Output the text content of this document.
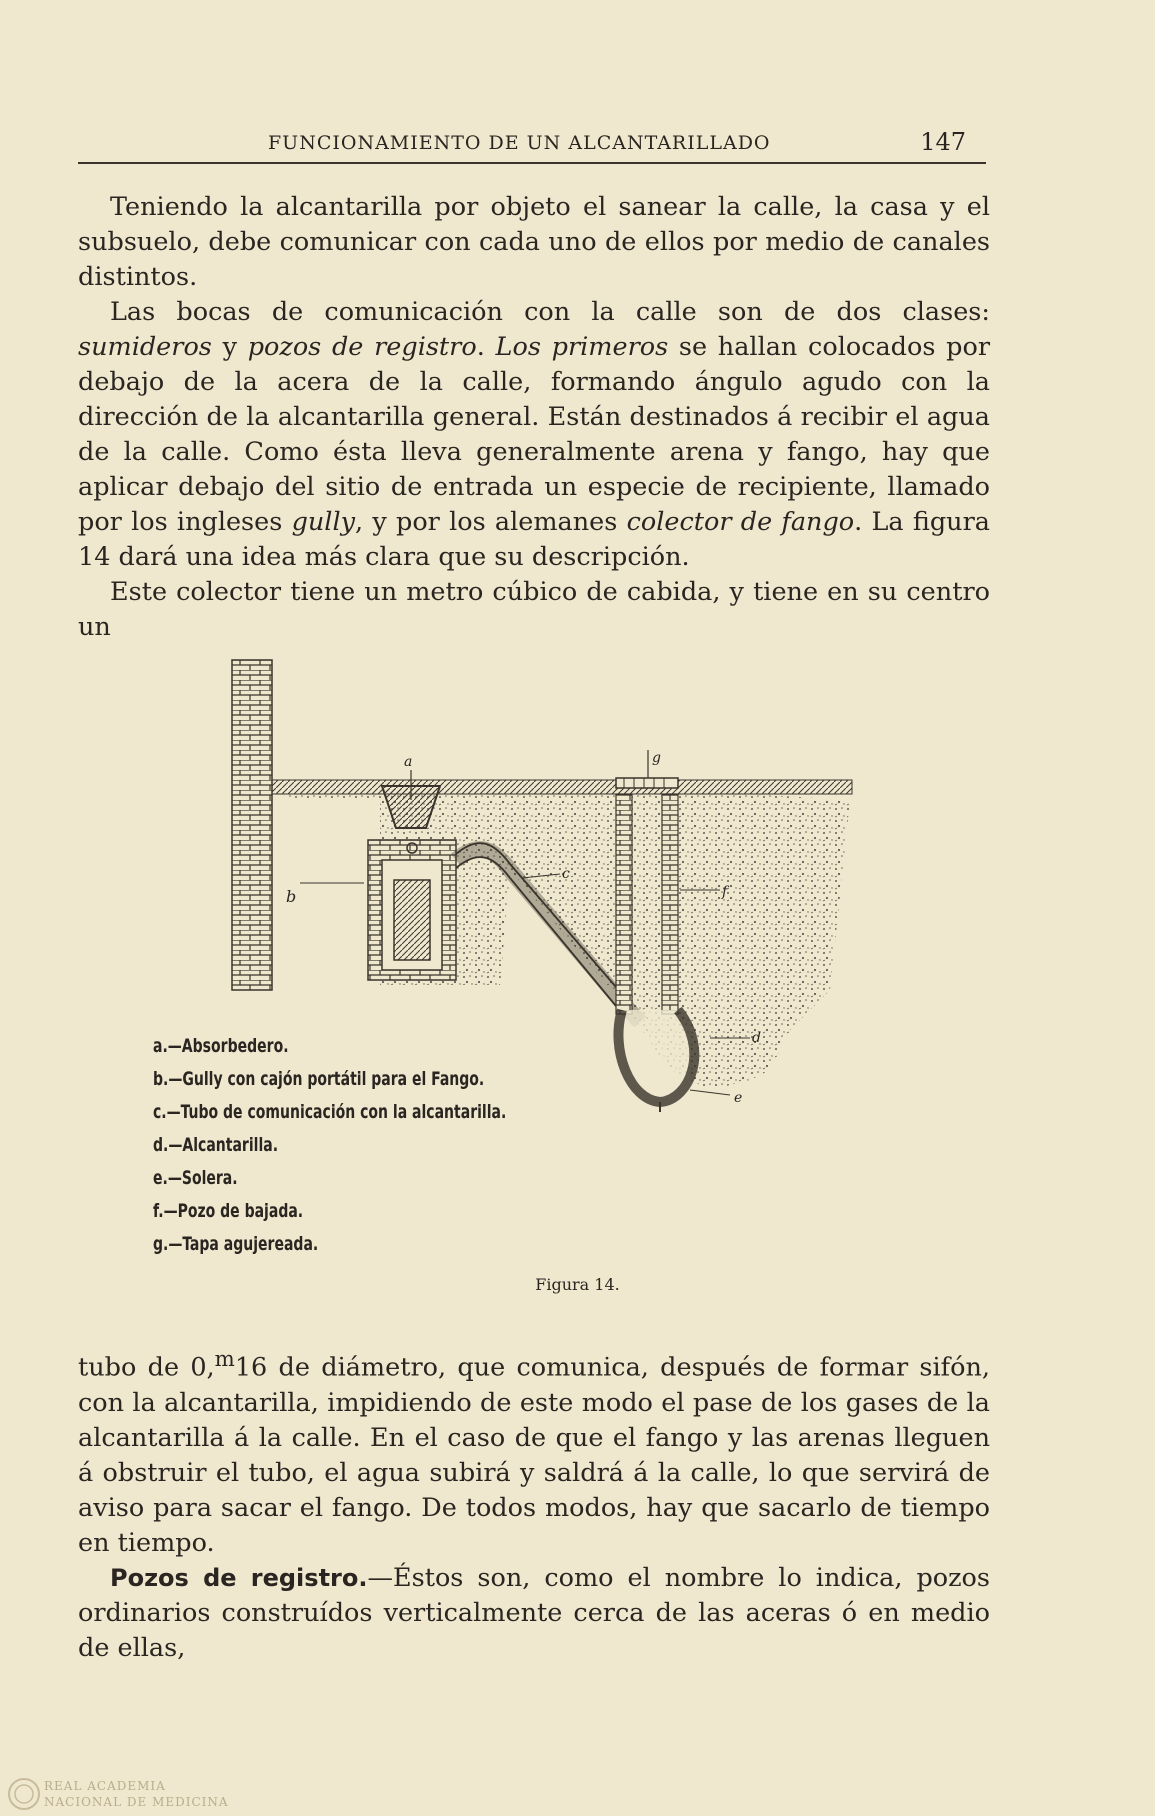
FUNCIONAMIENTO DE UN ALCANTARILLADO	147

Teniendo la alcantarilla por objeto el sanear la calle, la casa y el subsuelo, debe comunicar con cada uno de ellos por medio de canales distintos.

Las bocas de comunicación con la calle son de dos clases: sumideros y pozos de registro. Los primeros se hallan colocados por debajo de la acera de la calle, formando ángulo agudo con la dirección de la alcantarilla general. Están destinados á recibir el agua de la calle. Como ésta lleva generalmente arena y fango, hay que aplicar debajo del sitio de entrada un especie de recipiente, llamado por los ingleses gully, y por los alemanes colector de fango. La figura 14 dará una idea más clara que su descripción.

Este colector tiene un metro cúbico de cabida, y tiene en su centro un

a
b
c
g
f
d
e
a.—Absorbedero.
b.—Gully con cajón portátil para el Fango.
c.—Tubo de comunicación con la alcantarilla.
d.—Alcantarilla.
e.—Solera.
f.—Pozo de bajada.
g.—Tapa agujereada.
Figura 14.

tubo de 0,$^m$16 de diámetro, que comunica, después de formar sifón, con la alcantarilla, impidiendo de este modo el pase de los gases de la alcantarilla á la calle. En el caso de que el fango y las arenas lleguen á obstruir el tubo, el agua subirá y saldrá á la calle, lo que servirá de aviso para sacar el fango. De todos modos, hay que sacarlo de tiempo en tiempo.

Pozos de registro.—Éstos son, como el nombre lo indica, pozos ordinarios construídos verticalmente cerca de las aceras ó en medio de ellas,

REAL ACADEMIA
NACIONAL DE MEDICINA
